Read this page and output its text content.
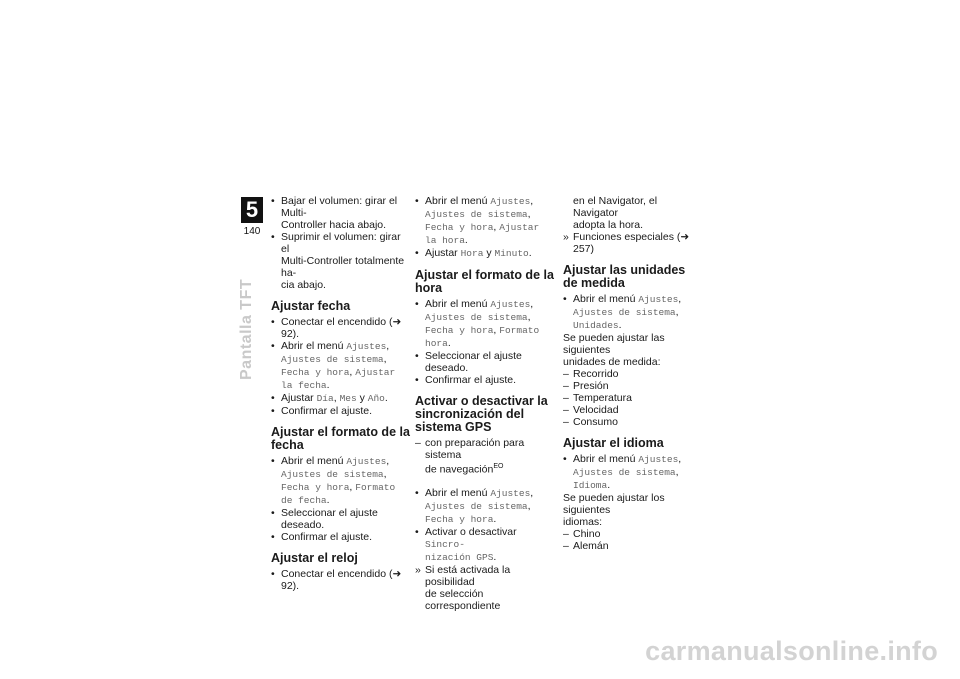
5
140
Pantalla TFT
• Bajar el volumen: girar el Multi-
Controller hacia abajo.
• Suprimir el volumen: girar el
Multi-Controller totalmente ha-
cia abajo.
Ajustar fecha
• Conectar el encendido (➜ 92).
• Abrir el menú Ajustes,
Ajustes de sistema, Fecha y hora, Ajustar la fecha.
• Ajustar Día, Mes y Año.
• Confirmar el ajuste.
Ajustar el formato de la fecha
• Abrir el menú Ajustes,
Ajustes de sistema, Fecha y hora, Formato de fecha.
• Seleccionar el ajuste deseado.
• Confirmar el ajuste.
Ajustar el reloj
• Conectar el encendido (➜ 92).
• Abrir el menú Ajustes,
Ajustes de sistema, Fecha y hora, Ajustar la hora.
• Ajustar Hora y Minuto.
Ajustar el formato de la hora
• Abrir el menú Ajustes,
Ajustes de sistema, Fecha y hora, Formato hora.
• Seleccionar el ajuste deseado.
• Confirmar el ajuste.
Activar o desactivar la sincronización del sistema GPS
– con preparación para sistema
de navegación$^{EO}$
• Abrir el menú Ajustes,
Ajustes de sistema, Fecha y hora.
• Activar o desactivar Sincro-
nización GPS.
» Si está activada la posibilidad
de selección correspondiente
en el Navigator, el Navigator
adopta la hora.
» Funciones especiales (➜ 257)
Ajustar las unidades de medida
• Abrir el menú Ajustes,
Ajustes de sistema,
Unidades.
Se pueden ajustar las siguientes
unidades de medida:
– Recorrido
– Presión
– Temperatura
– Velocidad
– Consumo
Ajustar el idioma
• Abrir el menú Ajustes,
Ajustes de sistema,
Idioma.
Se pueden ajustar los siguientes
idiomas:
– Chino
– Alemán
carmanualsonline.info
